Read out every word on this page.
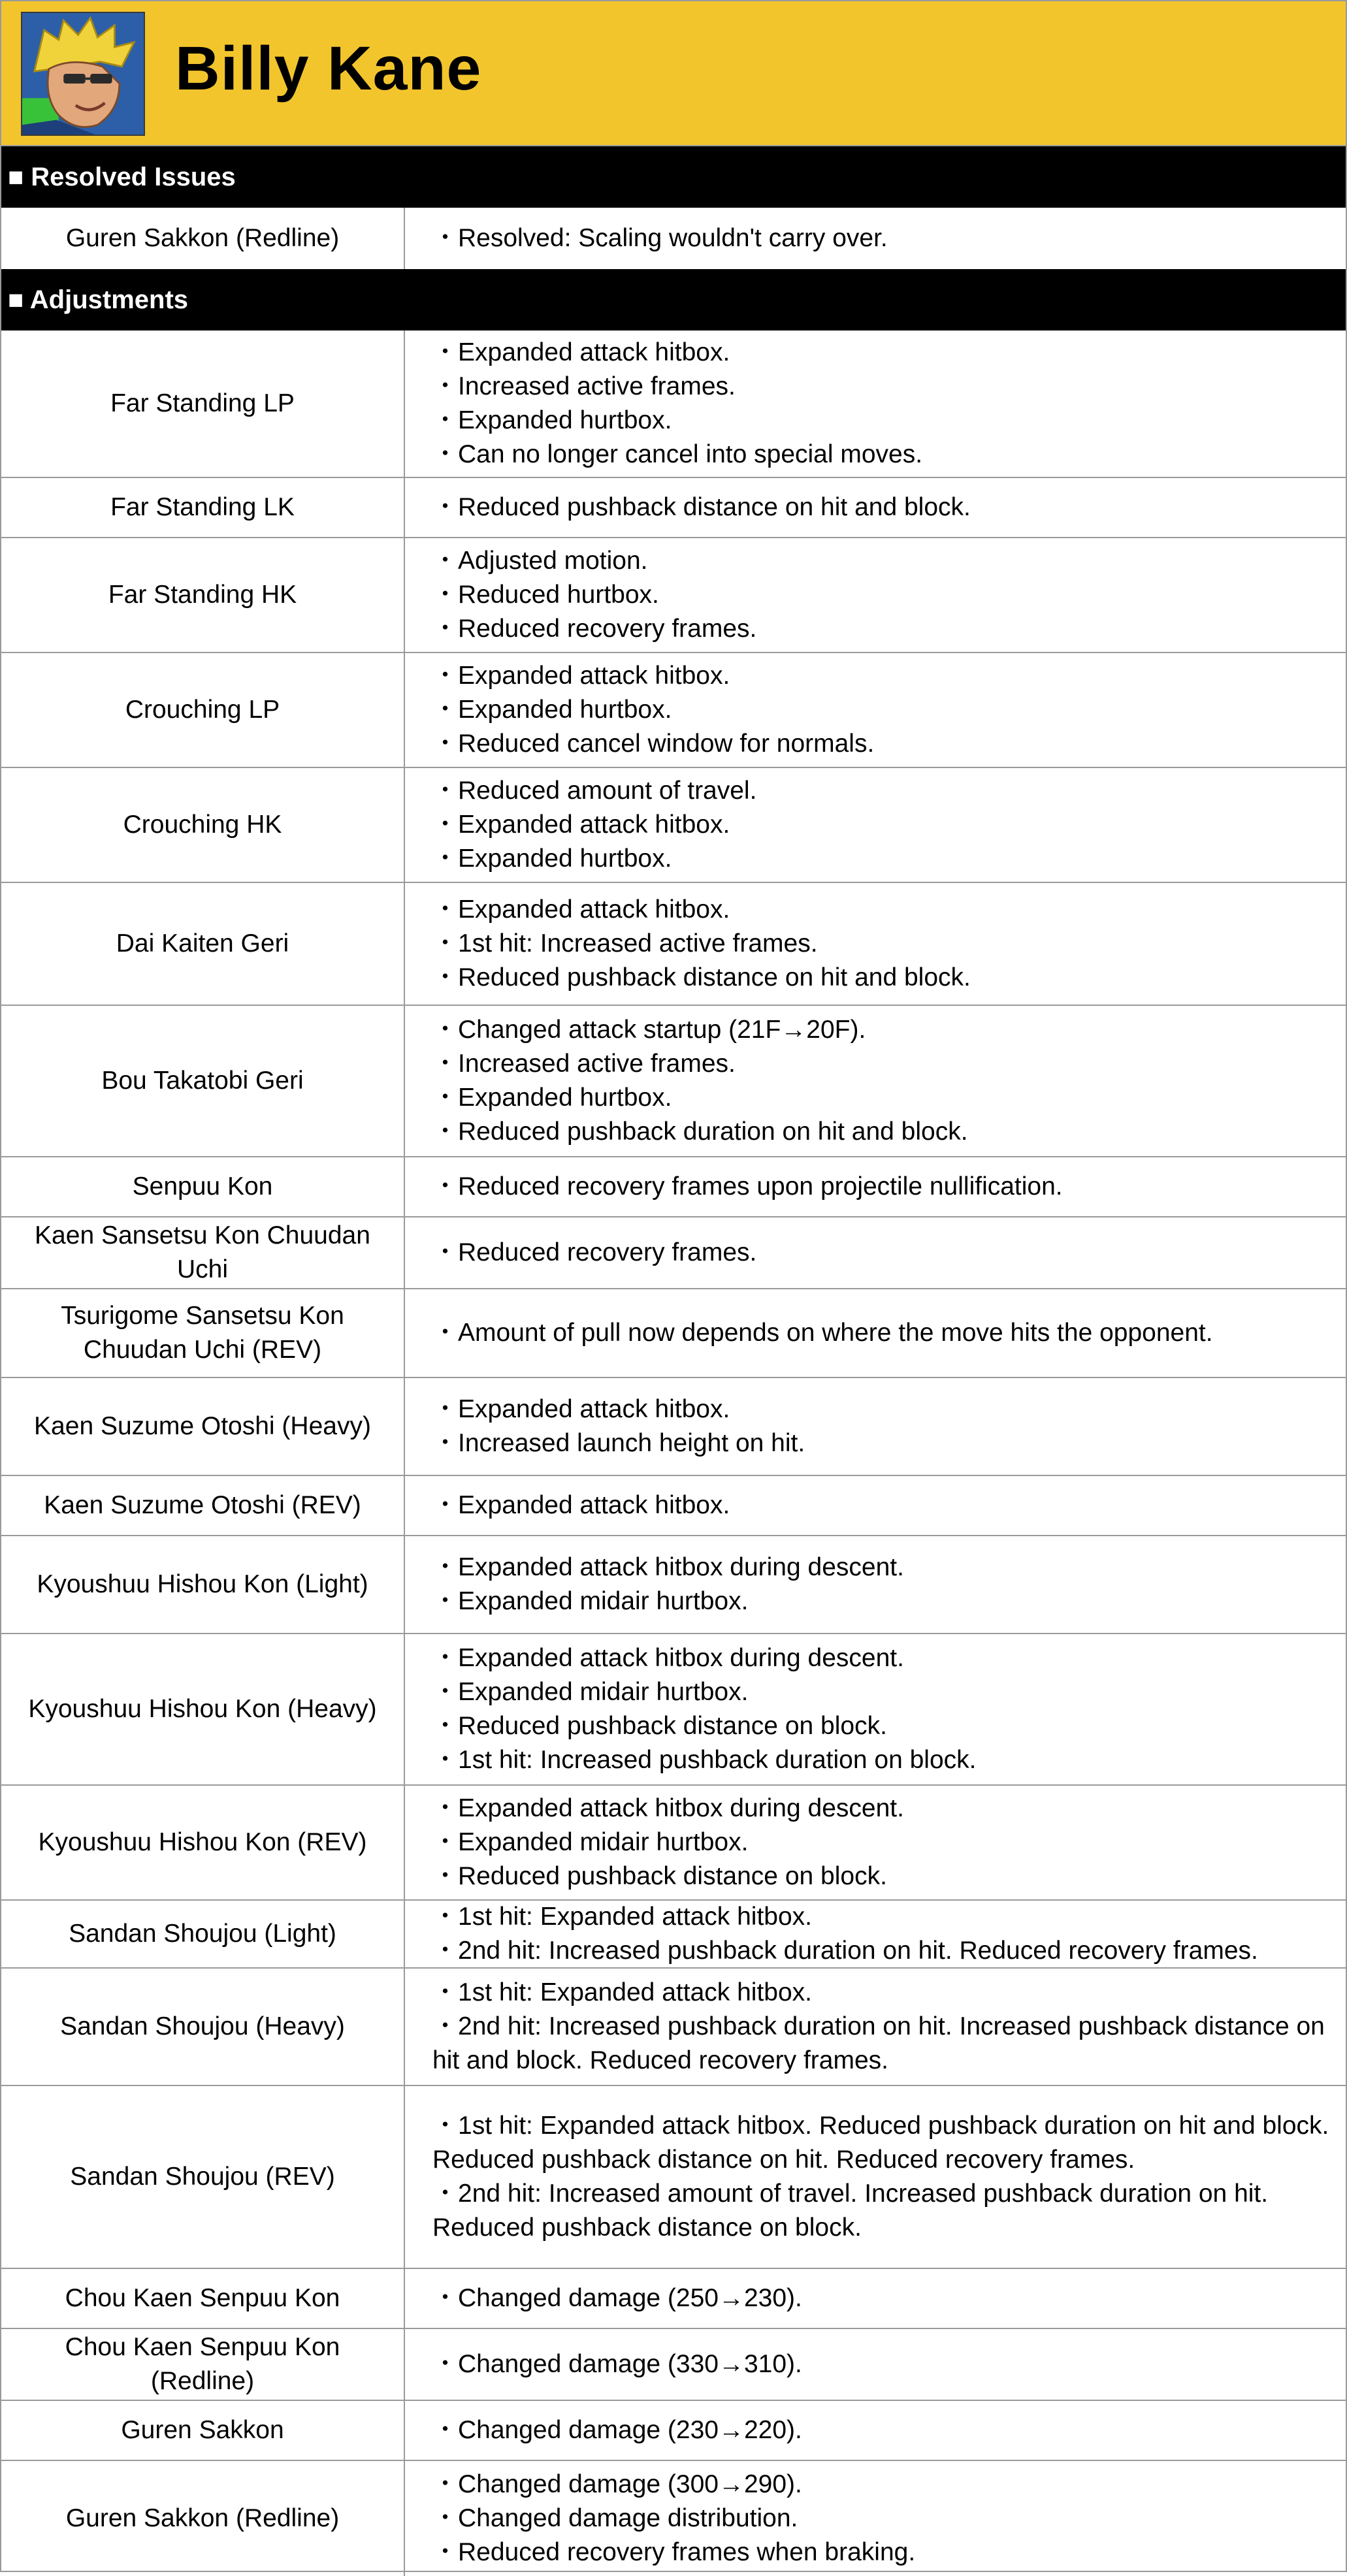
Billy Kane
■ Resolved Issues
Guren Sakkon (Redline)	・Resolved: Scaling wouldn't carry over.
■ Adjustments
Far Standing LP
・Expanded attack hitbox.
・Increased active frames.
・Expanded hurtbox.
・Can no longer cancel into special moves.
Far Standing LK	・Reduced pushback distance on hit and block.
Far Standing HK
・Adjusted motion.
・Reduced hurtbox.
・Reduced recovery frames.
Crouching LP
・Expanded attack hitbox.
・Expanded hurtbox.
・Reduced cancel window for normals.
Crouching HK
・Reduced amount of travel.
・Expanded attack hitbox.
・Expanded hurtbox.
Dai Kaiten Geri
・Expanded attack hitbox.
・1st hit: Increased active frames.
・Reduced pushback distance on hit and block.
Bou Takatobi Geri
・Changed attack startup (21F→20F).
・Increased active frames.
・Expanded hurtbox.
・Reduced pushback duration on hit and block.
Senpuu Kon	・Reduced recovery frames upon projectile nullification.
Kaen Sansetsu Kon Chuudan Uchi
・Reduced recovery frames.
Tsurigome Sansetsu Kon Chuudan Uchi (REV)
・Amount of pull now depends on where the move hits the opponent.
Kaen Suzume Otoshi (Heavy)
・Expanded attack hitbox.
・Increased launch height on hit.
Kaen Suzume Otoshi (REV)	・Expanded attack hitbox.
Kyoushuu Hishou Kon (Light)
・Expanded attack hitbox during descent.
・Expanded midair hurtbox.
Kyoushuu Hishou Kon (Heavy)
・Expanded attack hitbox during descent.
・Expanded midair hurtbox.
・Reduced pushback distance on block.
・1st hit: Increased pushback duration on block.
Kyoushuu Hishou Kon (REV)
・Expanded attack hitbox during descent.
・Expanded midair hurtbox.
・Reduced pushback distance on block.
Sandan Shoujou (Light)
・1st hit: Expanded attack hitbox.
・2nd hit: Increased pushback duration on hit. Reduced recovery frames.
Sandan Shoujou (Heavy)
・1st hit: Expanded attack hitbox.
・2nd hit: Increased pushback duration on hit. Increased pushback distance on hit and block. Reduced recovery frames.
Sandan Shoujou (REV)
・1st hit: Expanded attack hitbox. Reduced pushback duration on hit and block. Reduced pushback distance on hit. Reduced recovery frames.
・2nd hit: Increased amount of travel. Increased pushback duration on hit. Reduced pushback distance on block.
Chou Kaen Senpuu Kon	・Changed damage (250→230).
Chou Kaen Senpuu Kon (Redline)
・Changed damage (330→310).
Guren Sakkon	・Changed damage (230→220).
Guren Sakkon (Redline)
・Changed damage (300→290).
・Changed damage distribution.
・Reduced recovery frames when braking.
